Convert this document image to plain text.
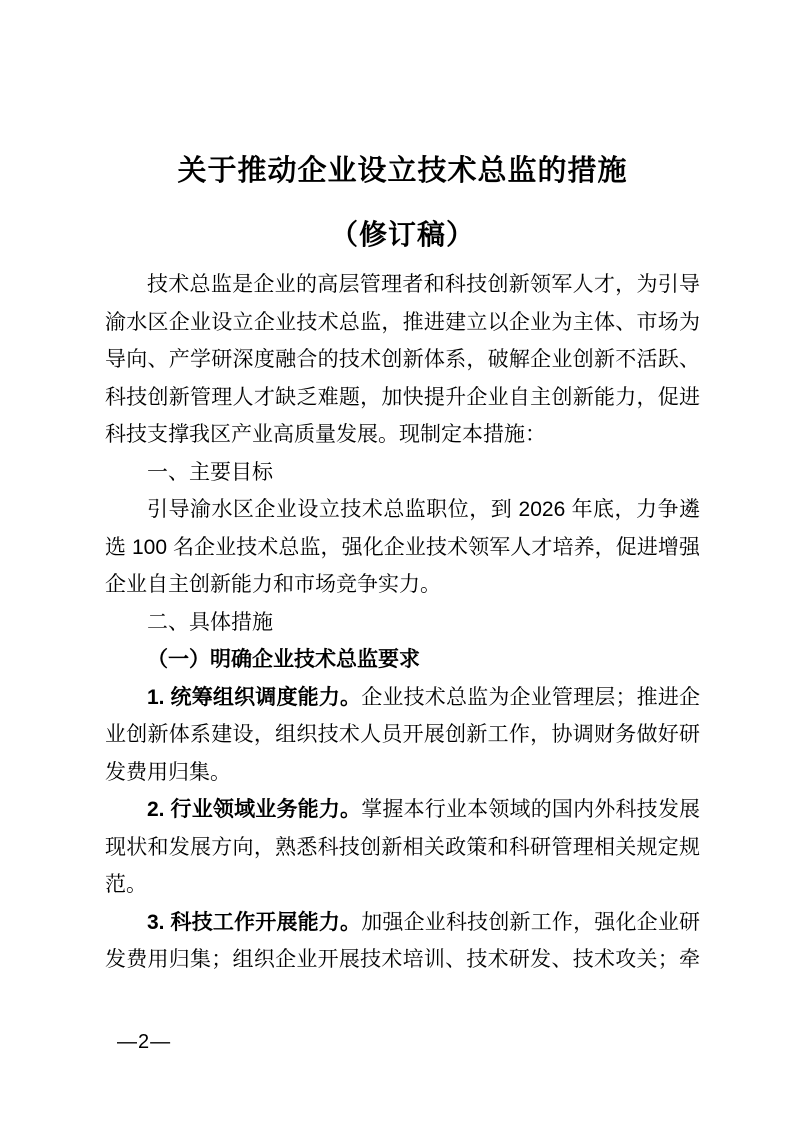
关于推动企业设立技术总监的措施
（修订稿）
技术总监是企业的高层管理者和科技创新领军人才，为引导
渝水区企业设立企业技术总监，推进建立以企业为主体、市场为
导向、产学研深度融合的技术创新体系，破解企业创新不活跃、
科技创新管理人才缺乏难题，加快提升企业自主创新能力，促进
科技支撑我区产业高质量发展。现制定本措施：
一、主要目标
引导渝水区企业设立技术总监职位，到 2026 年底，力争遴
选 100 名企业技术总监，强化企业技术领军人才培养，促进增强
企业自主创新能力和市场竞争实力。
二、具体措施
（一）明确企业技术总监要求
1. 统筹组织调度能力。企业技术总监为企业管理层；推进企
业创新体系建设，组织技术人员开展创新工作，协调财务做好研
发费用归集。
2. 行业领域业务能力。掌握本行业本领域的国内外科技发展
现状和发展方向，熟悉科技创新相关政策和科研管理相关规定规
范。
3. 科技工作开展能力。加强企业科技创新工作，强化企业研
发费用归集；组织企业开展技术培训、技术研发、技术攻关；牵
—2—
